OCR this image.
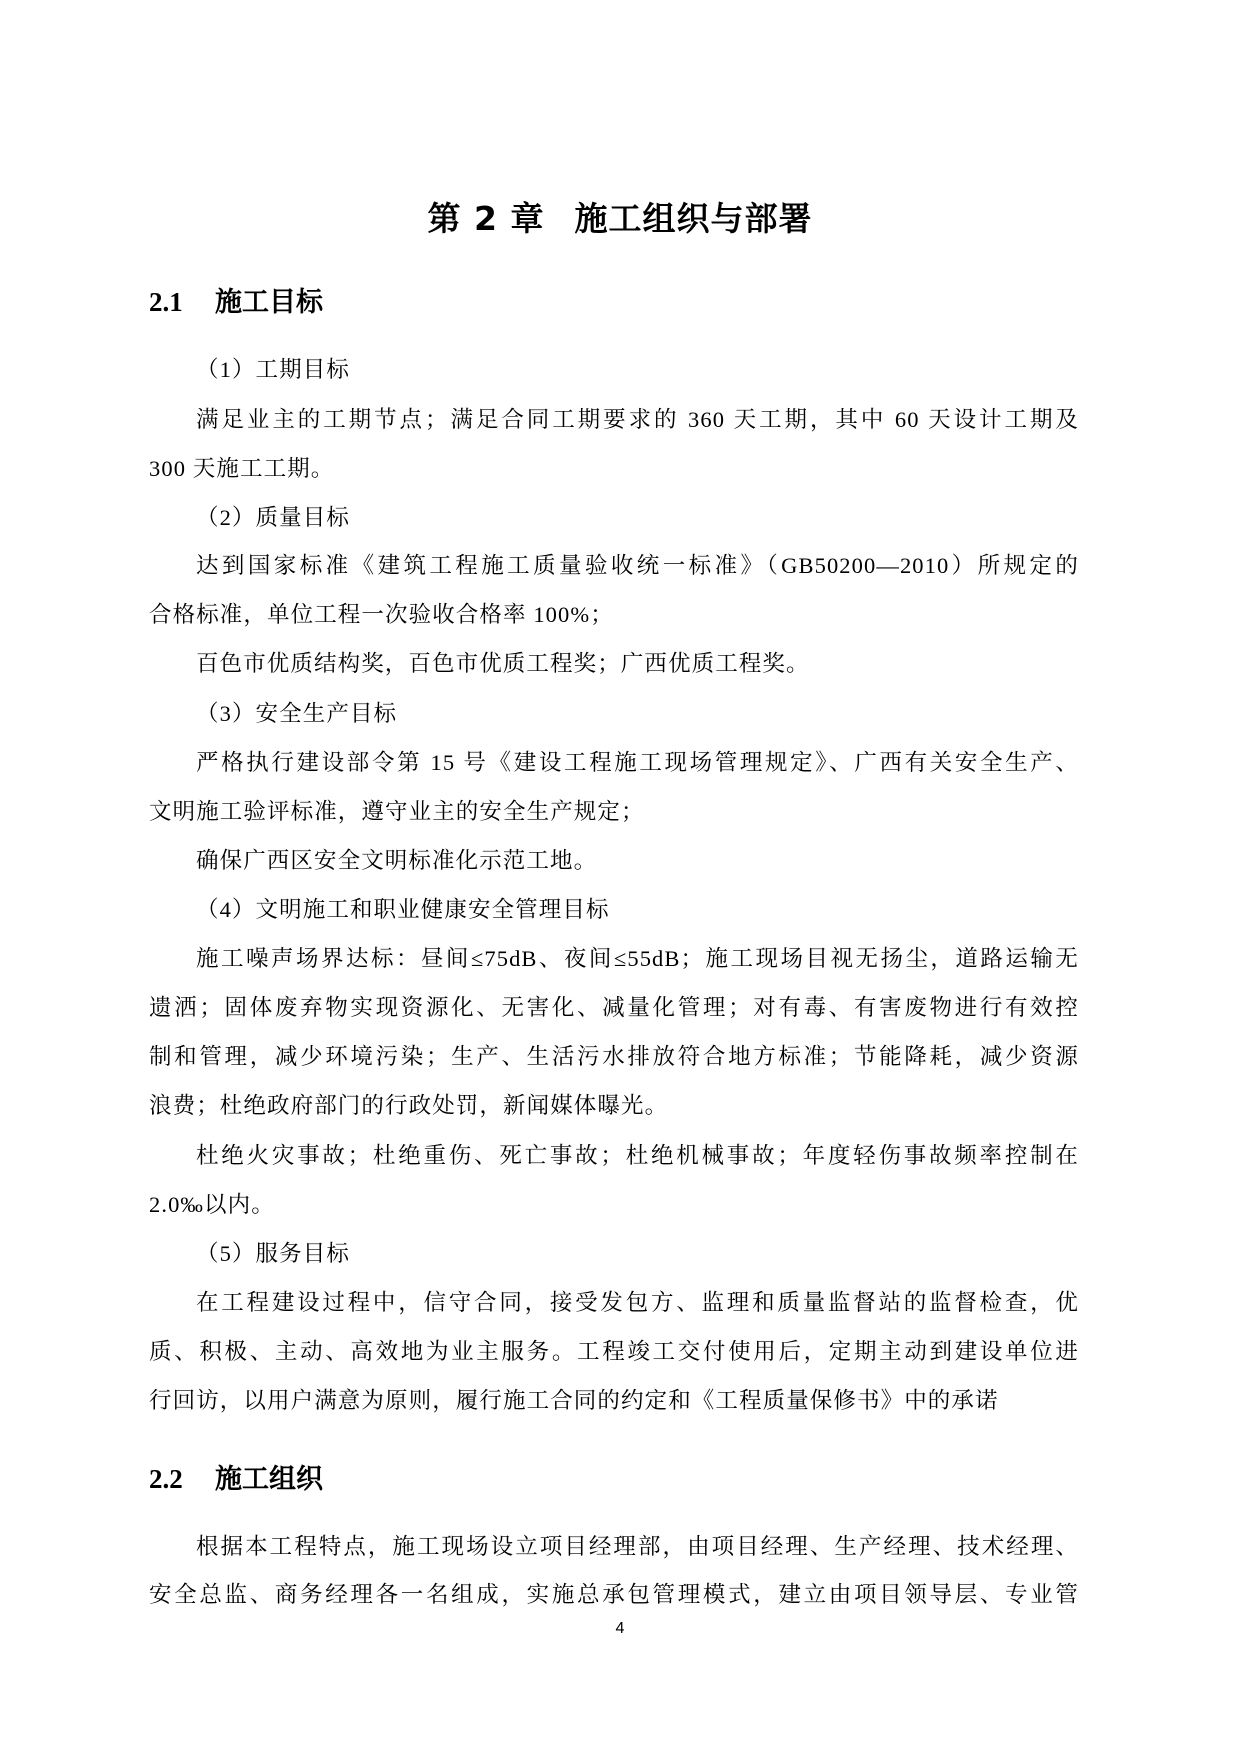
第 2 章 施工组织与部署
2.1 施工目标
（1）工期目标
满足业主的工期节点；满足合同工期要求的 360 天工期，其中 60 天设计工期及
300 天施工工期。
（2）质量目标
达到国家标准《建筑工程施工质量验收统一标准》（GB50200—2010）所规定的
合格标准，单位工程一次验收合格率 100%；
百色市优质结构奖，百色市优质工程奖；广西优质工程奖。
（3）安全生产目标
严格执行建设部令第 15 号《建设工程施工现场管理规定》、广西有关安全生产、
文明施工验评标准，遵守业主的安全生产规定；
确保广西区安全文明标准化示范工地。
（4）文明施工和职业健康安全管理目标
施工噪声场界达标：昼间≤75dB、夜间≤55dB；施工现场目视无扬尘，道路运输无
遗洒；固体废弃物实现资源化、无害化、减量化管理；对有毒、有害废物进行有效控
制和管理，减少环境污染；生产、生活污水排放符合地方标准；节能降耗，减少资源
浪费；杜绝政府部门的行政处罚，新闻媒体曝光。
杜绝火灾事故；杜绝重伤、死亡事故；杜绝机械事故；年度轻伤事故频率控制在
2.0‰以内。
（5）服务目标
在工程建设过程中，信守合同，接受发包方、监理和质量监督站的监督检查，优
质、积极、主动、高效地为业主服务。工程竣工交付使用后，定期主动到建设单位进
行回访，以用户满意为原则，履行施工合同的约定和《工程质量保修书》中的承诺
2.2 施工组织
根据本工程特点，施工现场设立项目经理部，由项目经理、生产经理、技术经理、
安全总监、商务经理各一名组成，实施总承包管理模式，建立由项目领导层、专业管
4
